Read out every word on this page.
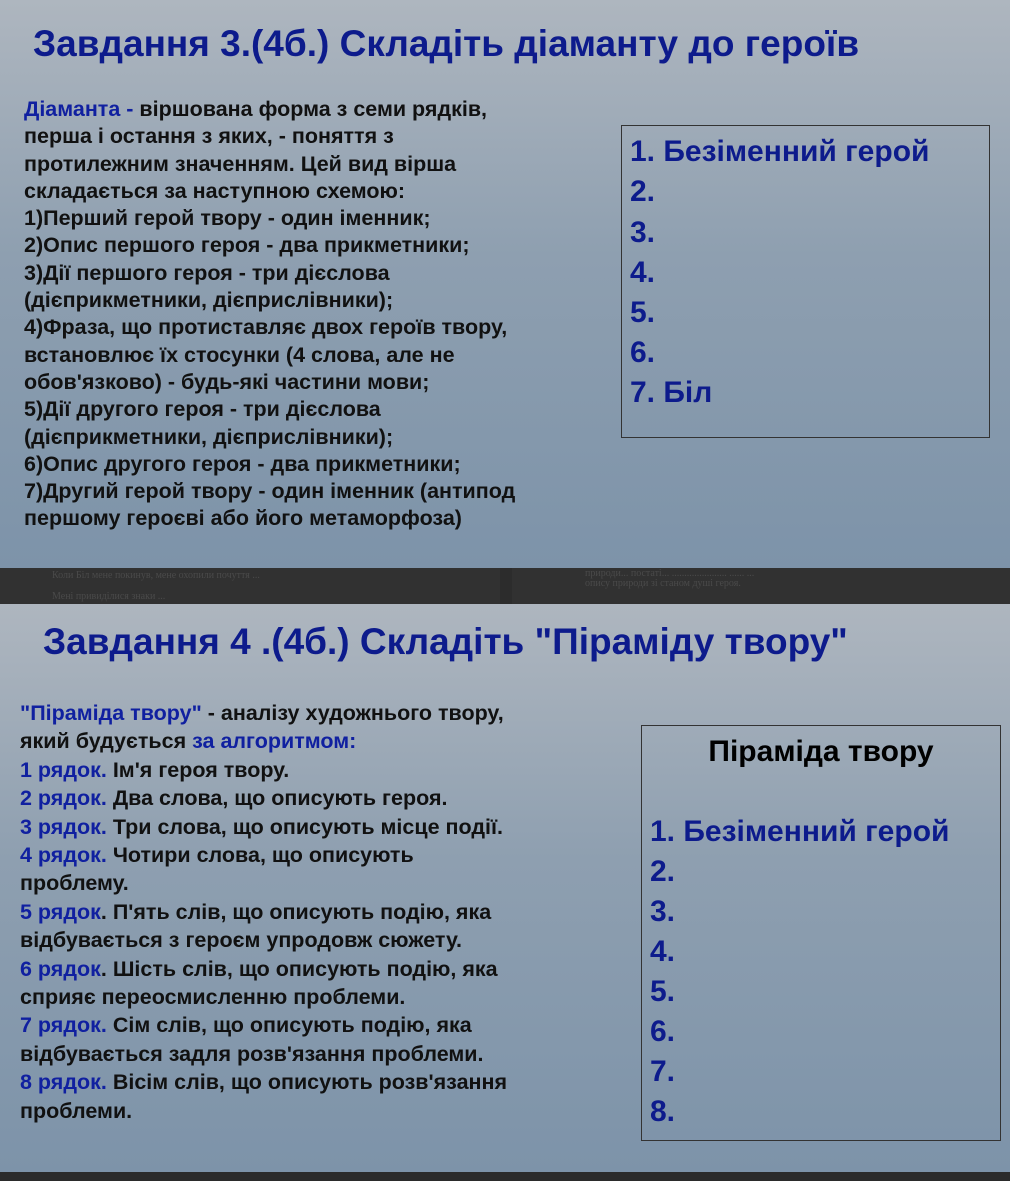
Завдання 3.(4б.) Складіть діаманту до героїв
Діаманта - віршована форма з семи рядків,
перша і остання з яких, - поняття з
протилежним значенням. Цей вид вірша
складається за наступною схемою:
1)Перший герой твору - один іменник;
2)Опис першого героя - два прикметники;
3)Дії першого героя - три дієслова
(дієприкметники, дієприслівники);
4)Фраза, що протиставляє двох героїв твору,
встановлює їх стосунки (4 слова, але не
обов'язково) - будь-які частини мови;
5)Дії другого героя - три дієслова
(дієприкметники, дієприслівники);
6)Опис другого героя - два прикметники;
7)Другий герой твору - один іменник (антипод
першому героєві або його метаморфоза)
1. Безіменний герой
2.
3.
4.
5.
6.
7. Біл
Коли Біл мене покинув, мене охопили почуття ...
Мені привиділися знаки ...
природи... постаті... ...................... ...... ...
опису природи зі станом душі героя.
Завдання 4 .(4б.) Складіть "Піраміду твору"
"Піраміда твору" - аналізу художнього твору,
який будується за алгоритмом:
1 рядок. Ім'я героя твору.
2 рядок. Два слова, що описують героя.
3 рядок. Три слова, що описують місце події.
4 рядок. Чотири слова, що описують
проблему.
5 рядок. П'ять слів, що описують подію, яка
відбувається з героєм упродовж сюжету.
6 рядок. Шість слів, що описують подію, яка
сприяє переосмисленню проблеми.
7 рядок. Сім слів, що описують подію, яка
відбувається задля розв'язання проблеми.
8 рядок. Вісім слів, що описують розв'язання
проблеми.
Піраміда твору
1. Безіменний герой
2.
3.
4.
5.
6.
7.
8.
